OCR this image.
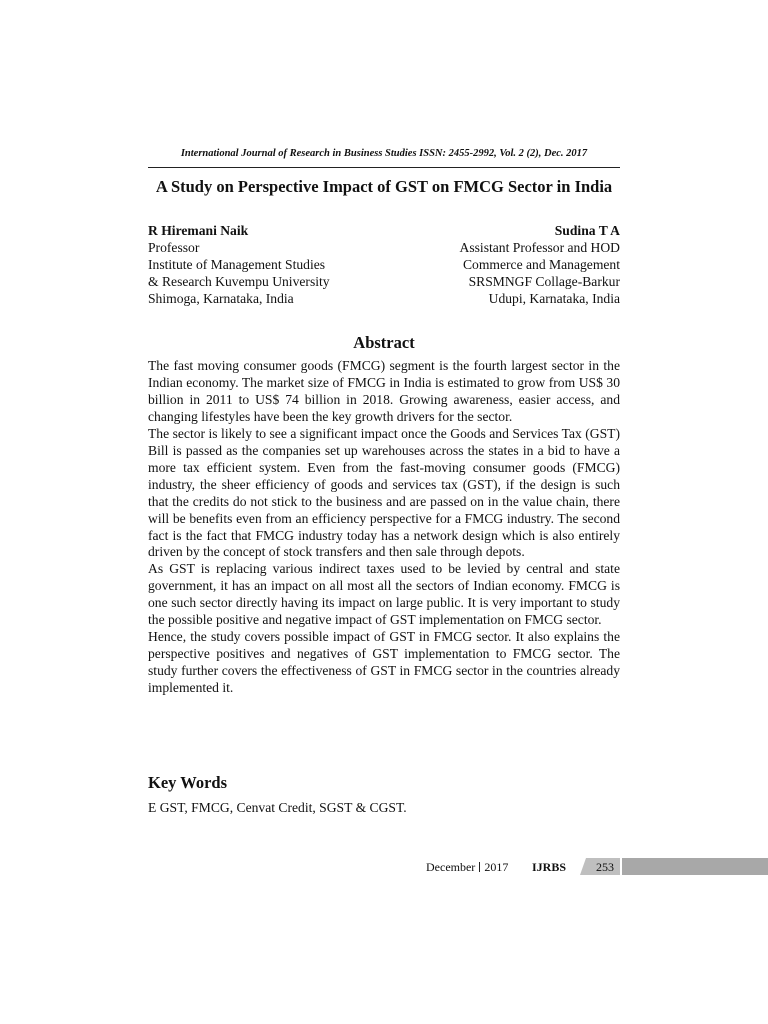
International Journal of Research in Business Studies ISSN: 2455-2992, Vol. 2 (2), Dec. 2017
A Study on Perspective Impact of GST on FMCG Sector in India
R Hiremani Naik
Professor
Institute of Management Studies
& Research Kuvempu University
Shimoga, Karnataka, India
Sudina T A
Assistant Professor and HOD
Commerce and Management
SRSMNGF Collage-Barkur
Udupi, Karnataka, India
Abstract

The fast moving consumer goods (FMCG) segment is the fourth largest sector in the Indian economy. The market size of FMCG in India is estimated to grow from US$ 30 billion in 2011 to US$ 74 billion in 2018. Growing awareness, easier access, and changing lifestyles have been the key growth drivers for the sector.

The sector is likely to see a significant impact once the Goods and Services Tax (GST) Bill is passed as the companies set up warehouses across the states in a bid to have a more tax efficient system. Even from the fast-moving consumer goods (FMCG) industry, the sheer efficiency of goods and services tax (GST), if the design is such that the credits do not stick to the business and are passed on in the value chain, there will be benefits even from an efficiency perspective for a FMCG industry. The second fact is the fact that FMCG industry today has a network design which is also entirely driven by the concept of stock transfers and then sale through depots.

As GST is replacing various indirect taxes used to be levied by central and state government, it has an impact on all most all the sectors of Indian economy. FMCG is one such sector directly having its impact on large public. It is very important to study the possible positive and negative impact of GST implementation on FMCG sector.

Hence, the study covers possible impact of GST in FMCG sector. It also explains the perspective positives and negatives of GST implementation to FMCG sector. The study further covers the effectiveness of GST in FMCG sector in the countries already implemented it.

Key Words
E GST, FMCG, Cenvat Credit, SGST & CGST.
December 2017 IJRBS 253
